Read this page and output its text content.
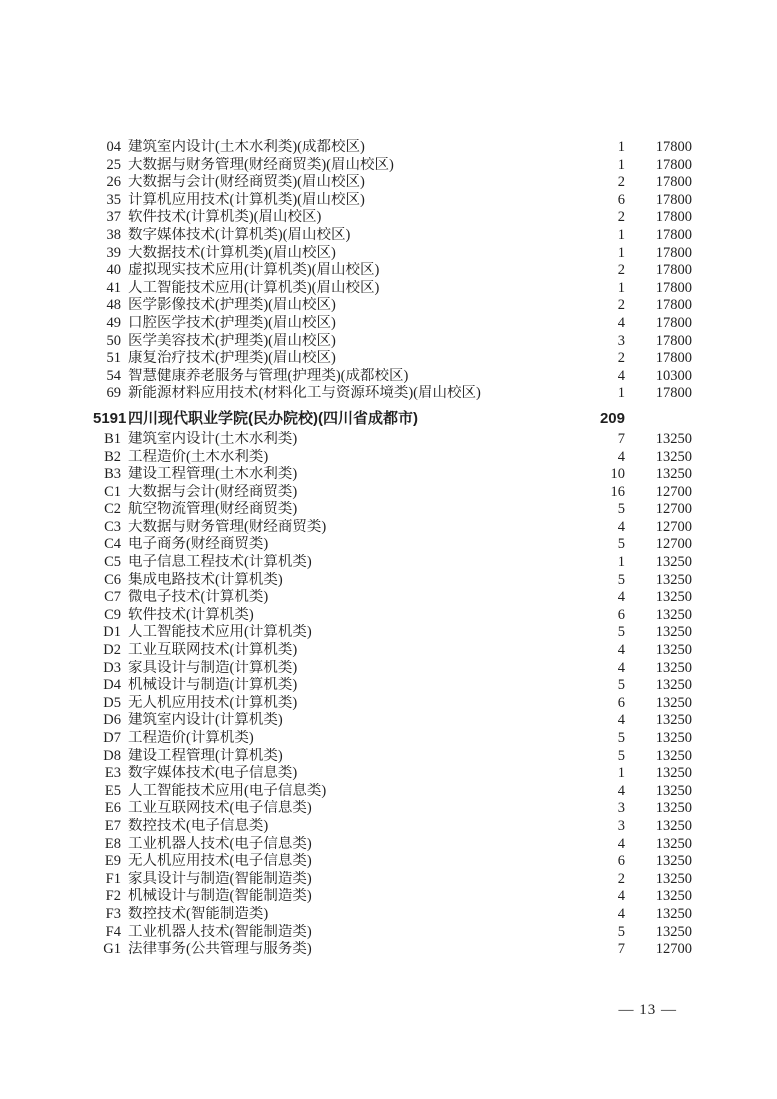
04 建筑室内设计(土木水利类)(成都校区)	1	17800
25 大数据与财务管理(财经商贸类)(眉山校区)	1	17800
26 大数据与会计(财经商贸类)(眉山校区)	2	17800
35 计算机应用技术(计算机类)(眉山校区)	6	17800
37 软件技术(计算机类)(眉山校区)	2	17800
38 数字媒体技术(计算机类)(眉山校区)	1	17800
39 大数据技术(计算机类)(眉山校区)	1	17800
40 虚拟现实技术应用(计算机类)(眉山校区)	2	17800
41 人工智能技术应用(计算机类)(眉山校区)	1	17800
48 医学影像技术(护理类)(眉山校区)	2	17800
49 口腔医学技术(护理类)(眉山校区)	4	17800
50 医学美容技术(护理类)(眉山校区)	3	17800
51 康复治疗技术(护理类)(眉山校区)	2	17800
54 智慧健康养老服务与管理(护理类)(成都校区)	4	10300
69 新能源材料应用技术(材料化工与资源环境类)(眉山校区)	1	17800
5191 四川现代职业学院(民办院校)(四川省成都市)	209
B1 建筑室内设计(土木水利类)	7	13250
B2 工程造价(土木水利类)	4	13250
B3 建设工程管理(土木水利类)	10	13250
C1 大数据与会计(财经商贸类)	16	12700
C2 航空物流管理(财经商贸类)	5	12700
C3 大数据与财务管理(财经商贸类)	4	12700
C4 电子商务(财经商贸类)	5	12700
C5 电子信息工程技术(计算机类)	1	13250
C6 集成电路技术(计算机类)	5	13250
C7 微电子技术(计算机类)	4	13250
C9 软件技术(计算机类)	6	13250
D1 人工智能技术应用(计算机类)	5	13250
D2 工业互联网技术(计算机类)	4	13250
D3 家具设计与制造(计算机类)	4	13250
D4 机械设计与制造(计算机类)	5	13250
D5 无人机应用技术(计算机类)	6	13250
D6 建筑室内设计(计算机类)	4	13250
D7 工程造价(计算机类)	5	13250
D8 建设工程管理(计算机类)	5	13250
E3 数字媒体技术(电子信息类)	1	13250
E5 人工智能技术应用(电子信息类)	4	13250
E6 工业互联网技术(电子信息类)	3	13250
E7 数控技术(电子信息类)	3	13250
E8 工业机器人技术(电子信息类)	4	13250
E9 无人机应用技术(电子信息类)	6	13250
F1 家具设计与制造(智能制造类)	2	13250
F2 机械设计与制造(智能制造类)	4	13250
F3 数控技术(智能制造类)	4	13250
F4 工业机器人技术(智能制造类)	5	13250
G1 法律事务(公共管理与服务类)	7	12700
— 13 —
